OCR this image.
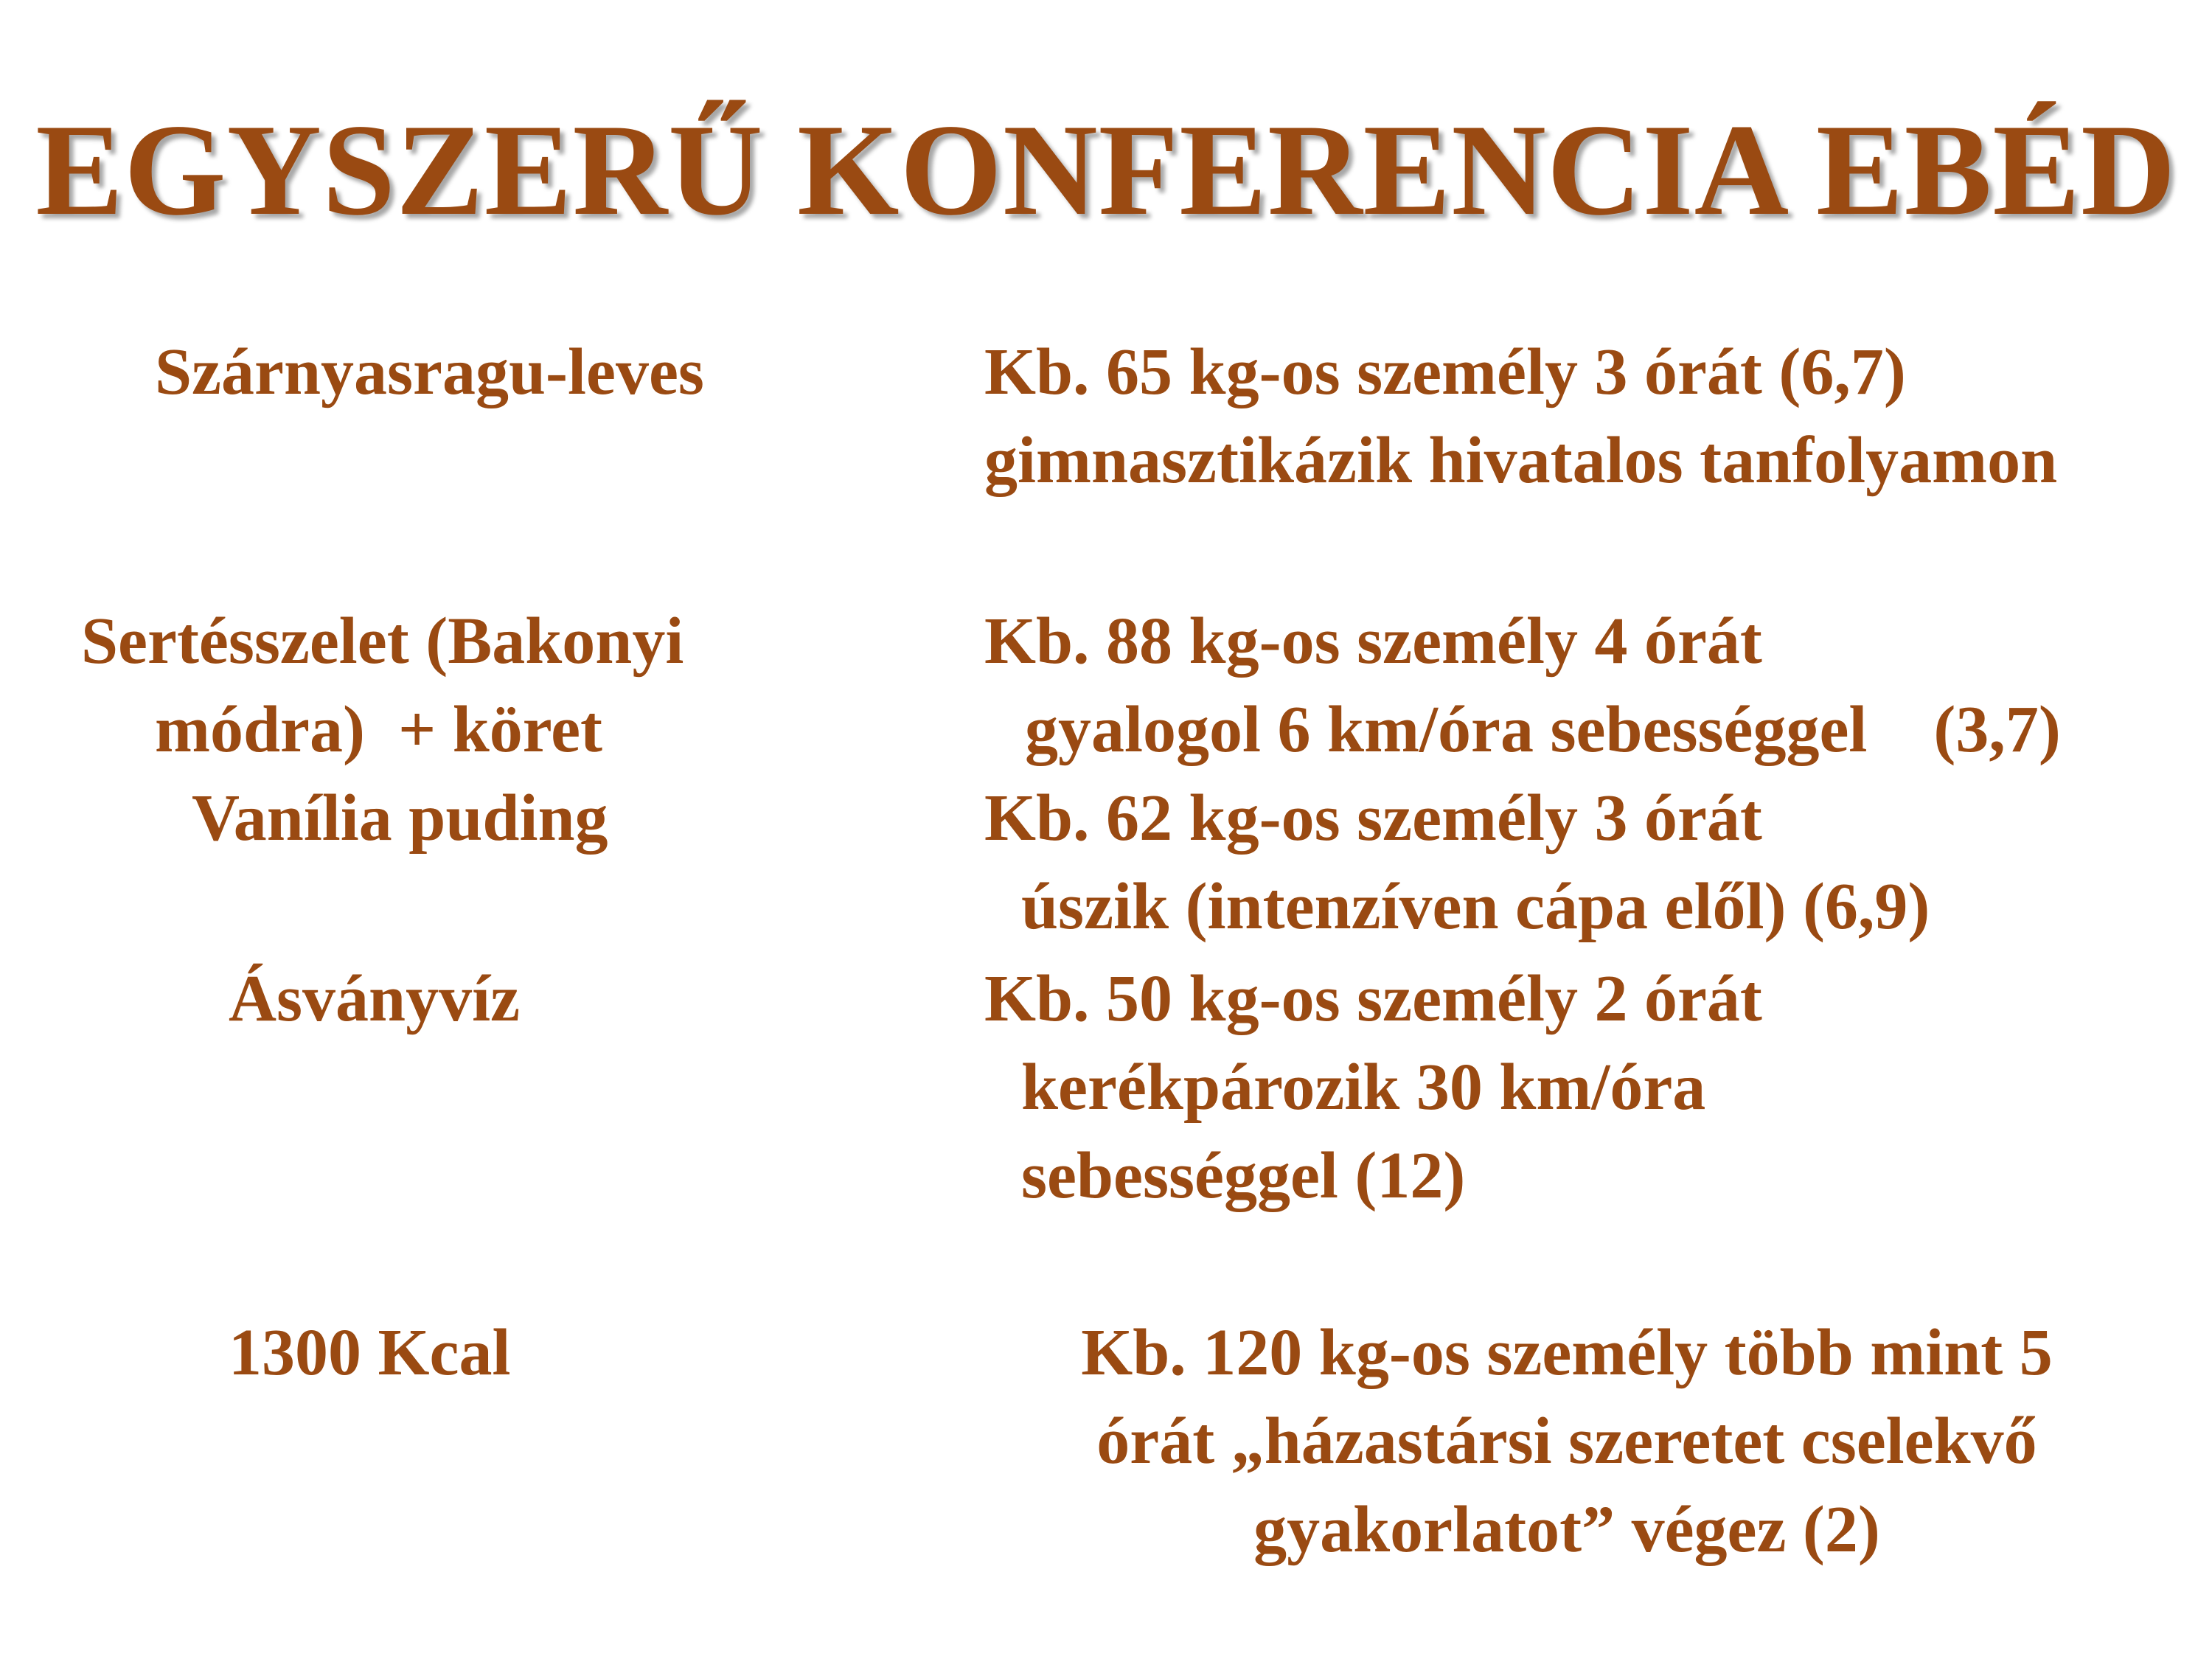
EGYSZERŰ KONFERENCIA EBÉD
Szárnyasragu-leves
Sertésszelet (Bakonyi
módra)  + köret
Vanília puding
Ásványvíz
1300 Kcal
Kb. 65 kg-os személy 3 órát (6,7)
gimnasztikázik hivatalos tanfolyamon
Kb. 88 kg-os személy 4 órát
gyalogol 6 km/óra sebességgel    (3,7)
Kb. 62 kg-os személy 3 órát
úszik (intenzíven cápa elől) (6,9)
Kb. 50 kg-os személy 2 órát
kerékpározik 30 km/óra
sebességgel (12)
Kb. 120 kg-os személy több mint 5
órát „házastársi szeretet cselekvő
gyakorlatot” végez (2)
